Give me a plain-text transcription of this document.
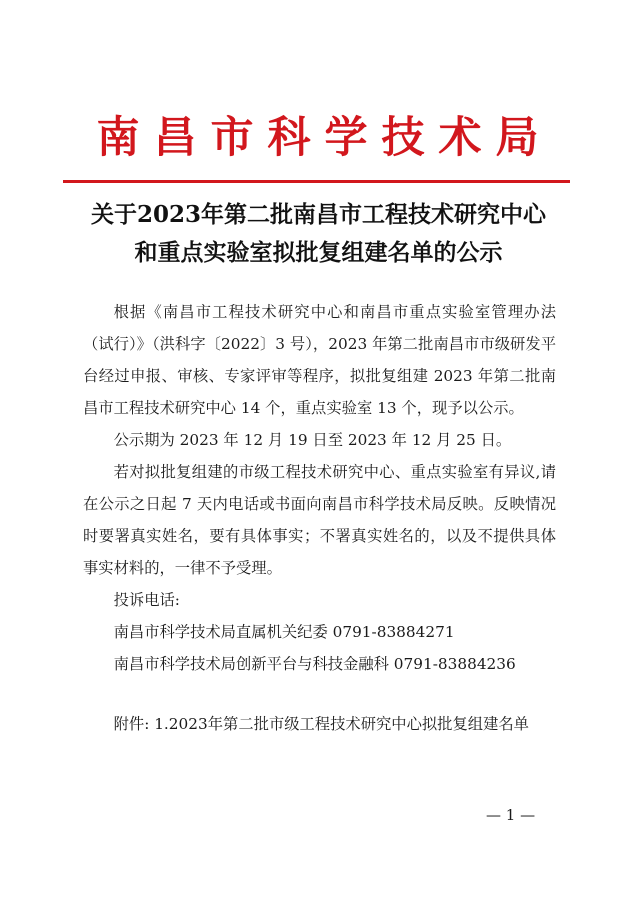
南昌市科学技术局
关于2023年第二批南昌市工程技术研究中心
和重点实验室拟批复组建名单的公示

根据《南昌市工程技术研究中心和南昌市重点实验室管理办法（试行）》（洪科字〔2022〕3 号），2023 年第二批南昌市市级研发平台经过申报、审核、专家评审等程序，拟批复组建 2023 年第二批南昌市工程技术研究中心 14 个，重点实验室 13 个，现予以公示。

公示期为 2023 年 12 月 19 日至 2023 年 12 月 25 日。

若对拟批复组建的市级工程技术研究中心、重点实验室有异议,请在公示之日起 7 天内电话或书面向南昌市科学技术局反映。反映情况时要署真实姓名，要有具体事实；不署真实姓名的，以及不提供具体事实材料的，一律不予受理。

投诉电话:

南昌市科学技术局直属机关纪委 0791-83884271

南昌市科学技术局创新平台与科技金融科 0791-83884236

附件: 1.2023年第二批市级工程技术研究中心拟批复组建名单

— 1 —
